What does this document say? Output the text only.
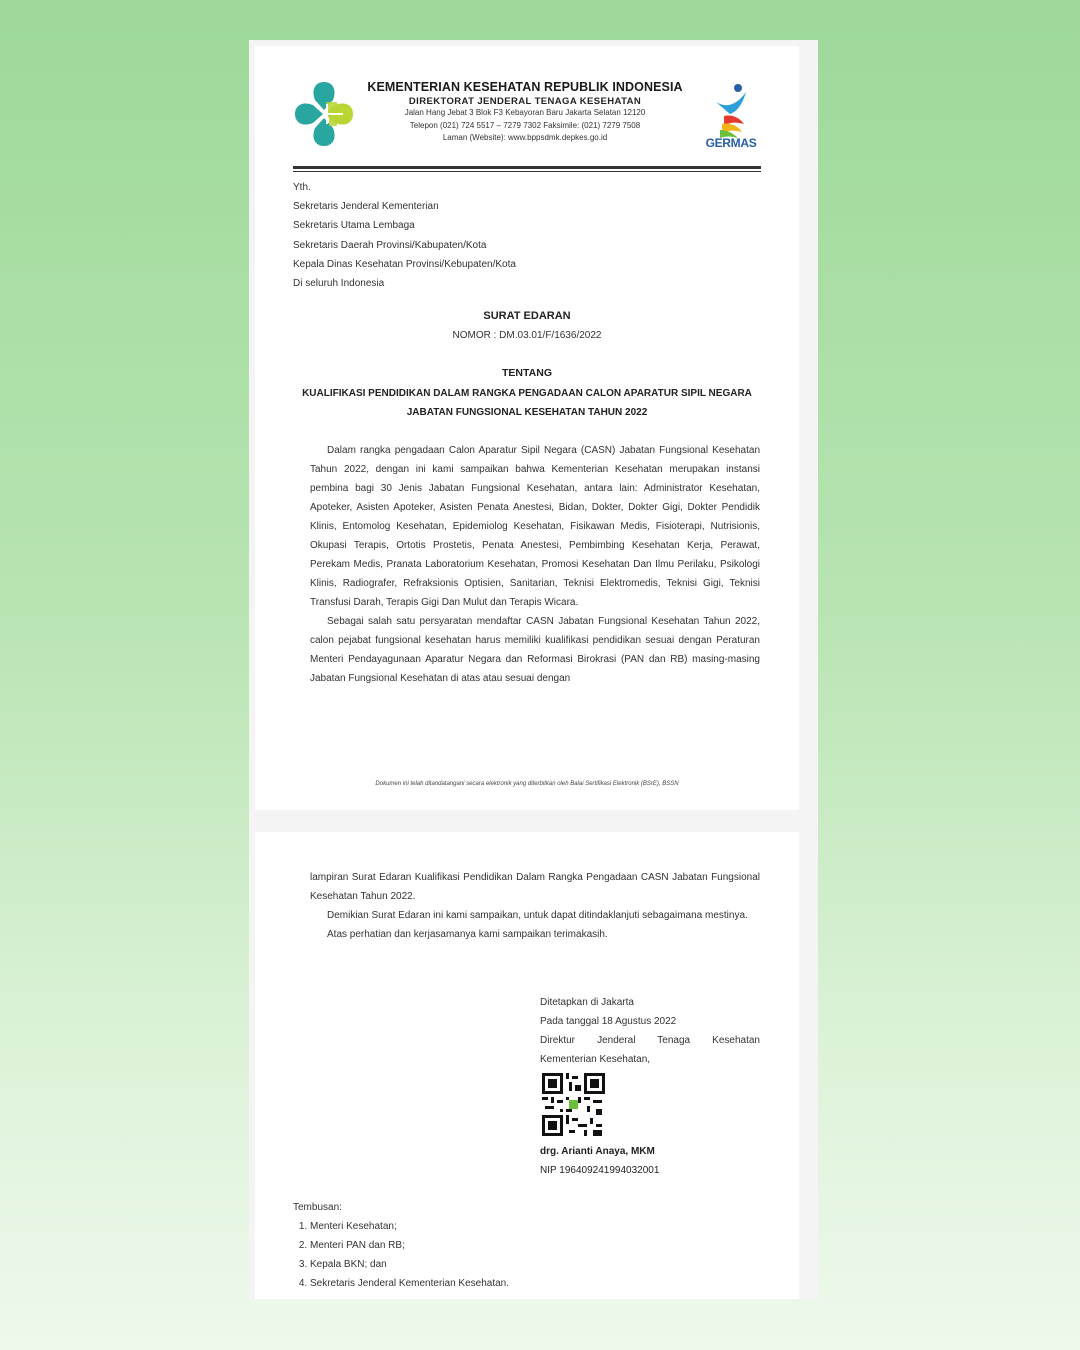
KEMENTERIAN KESEHATAN REPUBLIK INDONESIA
DIREKTORAT JENDERAL TENAGA KESEHATAN
Jalan Hang Jebat 3 Blok F3 Kebayoran Baru Jakarta Selatan 12120
Telepon (021) 724 5517 – 7279 7302 Faksimile: (021) 7279 7508
Laman (Website): www.bppsdmk.depkes.go.id	GERMAS
Yth.
Sekretaris Jenderal Kementerian
Sekretaris Utama Lembaga
Sekretaris Daerah Provinsi/Kabupaten/Kota
Kepala Dinas Kesehatan Provinsi/Kebupaten/Kota
Di seluruh Indonesia
SURAT EDARAN
NOMOR : DM.03.01/F/1636/2022
TENTANG
KUALIFIKASI PENDIDIKAN DALAM RANGKA PENGADAAN CALON APARATUR SIPIL NEGARA JABATAN FUNGSIONAL KESEHATAN TAHUN 2022

Dalam rangka pengadaan Calon Aparatur Sipil Negara (CASN) Jabatan Fungsional Kesehatan Tahun 2022, dengan ini kami sampaikan bahwa Kementerian Kesehatan merupakan instansi pembina bagi 30 Jenis Jabatan Fungsional Kesehatan, antara lain: Administrator Kesehatan, Apoteker, Asisten Apoteker, Asisten Penata Anestesi, Bidan, Dokter, Dokter Gigi, Dokter Pendidik Klinis, Entomolog Kesehatan, Epidemiolog Kesehatan, Fisikawan Medis, Fisioterapi, Nutrisionis, Okupasi Terapis, Ortotis Prostetis, Penata Anestesi, Pembimbing Kesehatan Kerja, Perawat, Perekam Medis, Pranata Laboratorium Kesehatan, Promosi Kesehatan Dan Ilmu Perilaku, Psikologi Klinis, Radiografer, Refraksionis Optisien, Sanitarian, Teknisi Elektromedis, Teknisi Gigi, Teknisi Transfusi Darah, Terapis Gigi Dan Mulut dan Terapis Wicara.

Sebagai salah satu persyaratan mendaftar CASN Jabatan Fungsional Kesehatan Tahun 2022, calon pejabat fungsional kesehatan harus memiliki kualifikasi pendidikan sesuai dengan Peraturan Menteri Pendayagunaan Aparatur Negara dan Reformasi Birokrasi (PAN dan RB) masing-masing Jabatan Fungsional Kesehatan di atas atau sesuai dengan

Dokumen ini telah ditandatangani secara elektronik yang diterbitkan oleh Balai Sertifikasi Elektronik (BSrE), BSSN

lampiran Surat Edaran Kualifikasi Pendidikan Dalam Rangka Pengadaan CASN Jabatan Fungsional Kesehatan Tahun 2022.

Demikian Surat Edaran ini kami sampaikan, untuk dapat ditindaklanjuti sebagaimana mestinya.

Atas perhatian dan kerjasamanya kami sampaikan terimakasih.

Ditetapkan di Jakarta
Pada tanggal 18 Agustus 2022
Direktur Jenderal Tenaga Kesehatan
Kementerian Kesehatan,
drg. Arianti Anaya, MKM
NIP 196409241994032001
Tembusan:
1. Menteri Kesehatan;
2. Menteri PAN dan RB;
3. Kepala BKN; dan
4. Sekretaris Jenderal Kementerian Kesehatan.
